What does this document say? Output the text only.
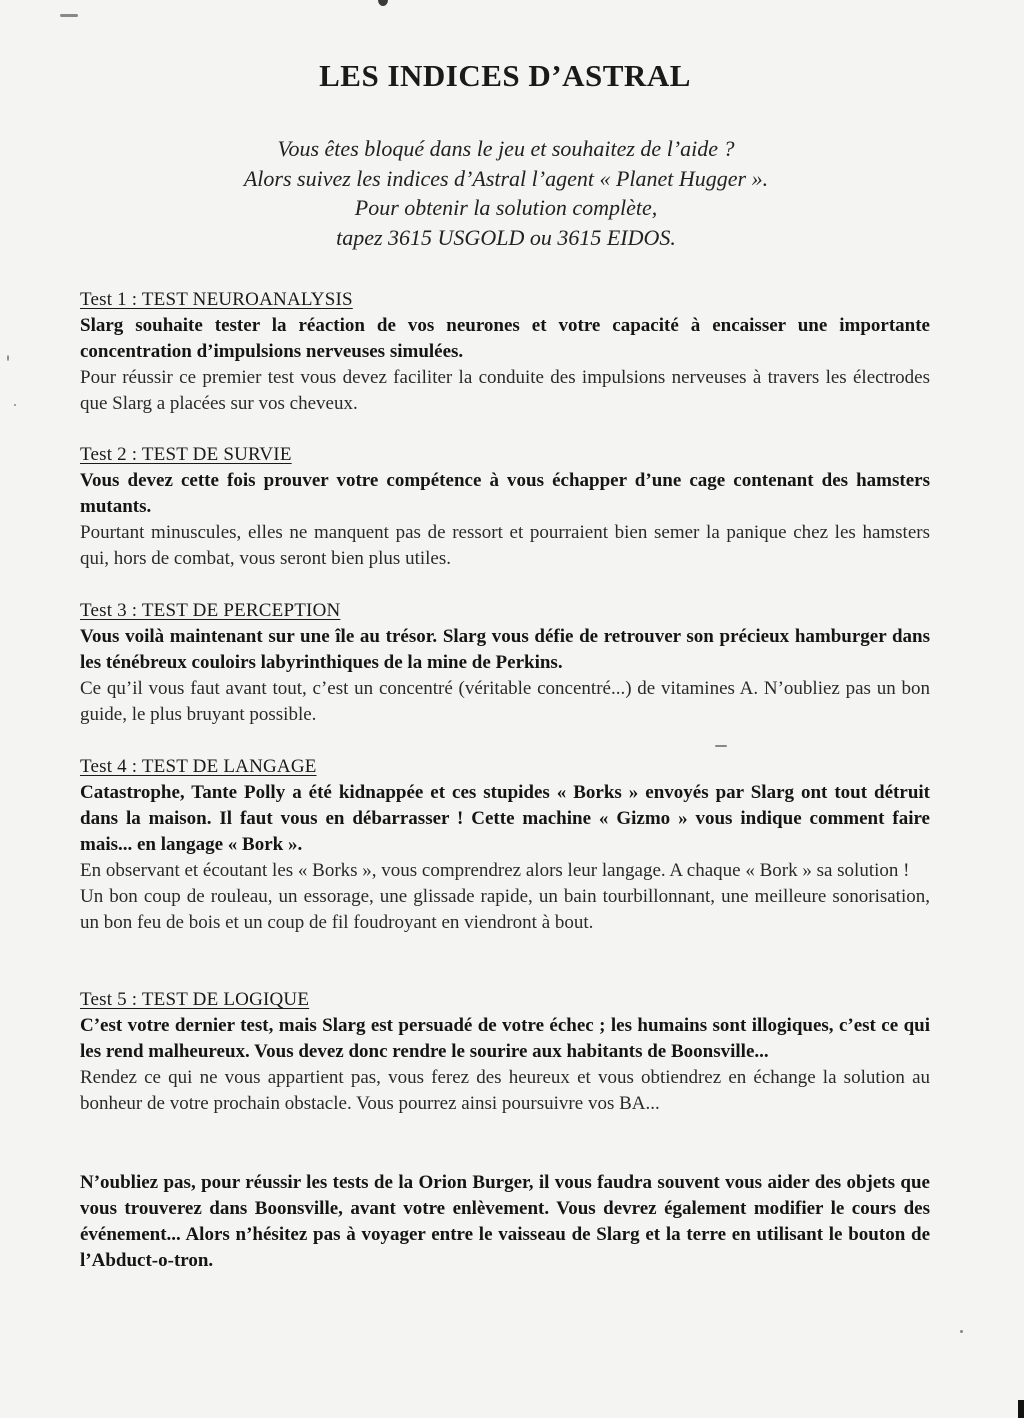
LES INDICES D’ASTRAL
Vous êtes bloqué dans le jeu et souhaitez de l’aide ?
Alors suivez les indices d’Astral l’agent « Planet Hugger ».
Pour obtenir la solution complète,
tapez 3615 USGOLD ou 3615 EIDOS.
Test 1 : TEST NEUROANALYSIS
Slarg souhaite tester la réaction de vos neurones et votre capacité à encaisser une importante concentration d’impulsions nerveuses simulées.
Pour réussir ce premier test vous devez faciliter la conduite des impulsions nerveuses à travers les électrodes que Slarg a placées sur vos cheveux.
Test 2 : TEST DE SURVIE
Vous devez cette fois prouver votre compétence à vous échapper d’une cage contenant des hamsters mutants.
Pourtant minuscules, elles ne manquent pas de ressort et pourraient bien semer la panique chez les hamsters qui, hors de combat, vous seront bien plus utiles.
Test 3 : TEST DE PERCEPTION
Vous voilà maintenant sur une île au trésor. Slarg vous défie de retrouver son précieux hamburger dans les ténébreux couloirs labyrinthiques de la mine de Perkins.
Ce qu’il vous faut avant tout, c’est un concentré (véritable concentré...) de vitamines A. N’oubliez pas un bon guide, le plus bruyant possible.
Test 4 : TEST DE LANGAGE
Catastrophe, Tante Polly a été kidnappée et ces stupides « Borks » envoyés par Slarg ont tout détruit dans la maison. Il faut vous en débarrasser ! Cette machine « Gizmo » vous indique comment faire mais... en langage « Bork ».
En observant et écoutant les « Borks », vous comprendrez alors leur langage. A chaque « Bork » sa solution !
Un bon coup de rouleau, un essorage, une glissade rapide, un bain tourbillonnant, une meilleure sonorisation, un bon feu de bois et un coup de fil foudroyant en viendront à bout.
Test 5 : TEST DE LOGIQUE
C’est votre dernier test, mais Slarg est persuadé de votre échec ; les humains sont illogiques, c’est ce qui les rend malheureux. Vous devez donc rendre le sourire aux habitants de Boonsville...
Rendez ce qui ne vous appartient pas, vous ferez des heureux et vous obtiendrez en échange la solution au bonheur de votre prochain obstacle. Vous pourrez ainsi poursuivre vos BA...
N’oubliez pas, pour réussir les tests de la Orion Burger, il vous faudra souvent vous aider des objets que vous trouverez dans Boonsville, avant votre enlèvement. Vous devrez également modifier le cours des événement... Alors n’hésitez pas à voyager entre le vaisseau de Slarg et la terre en utilisant le bouton de l’Abduct-o-tron.
